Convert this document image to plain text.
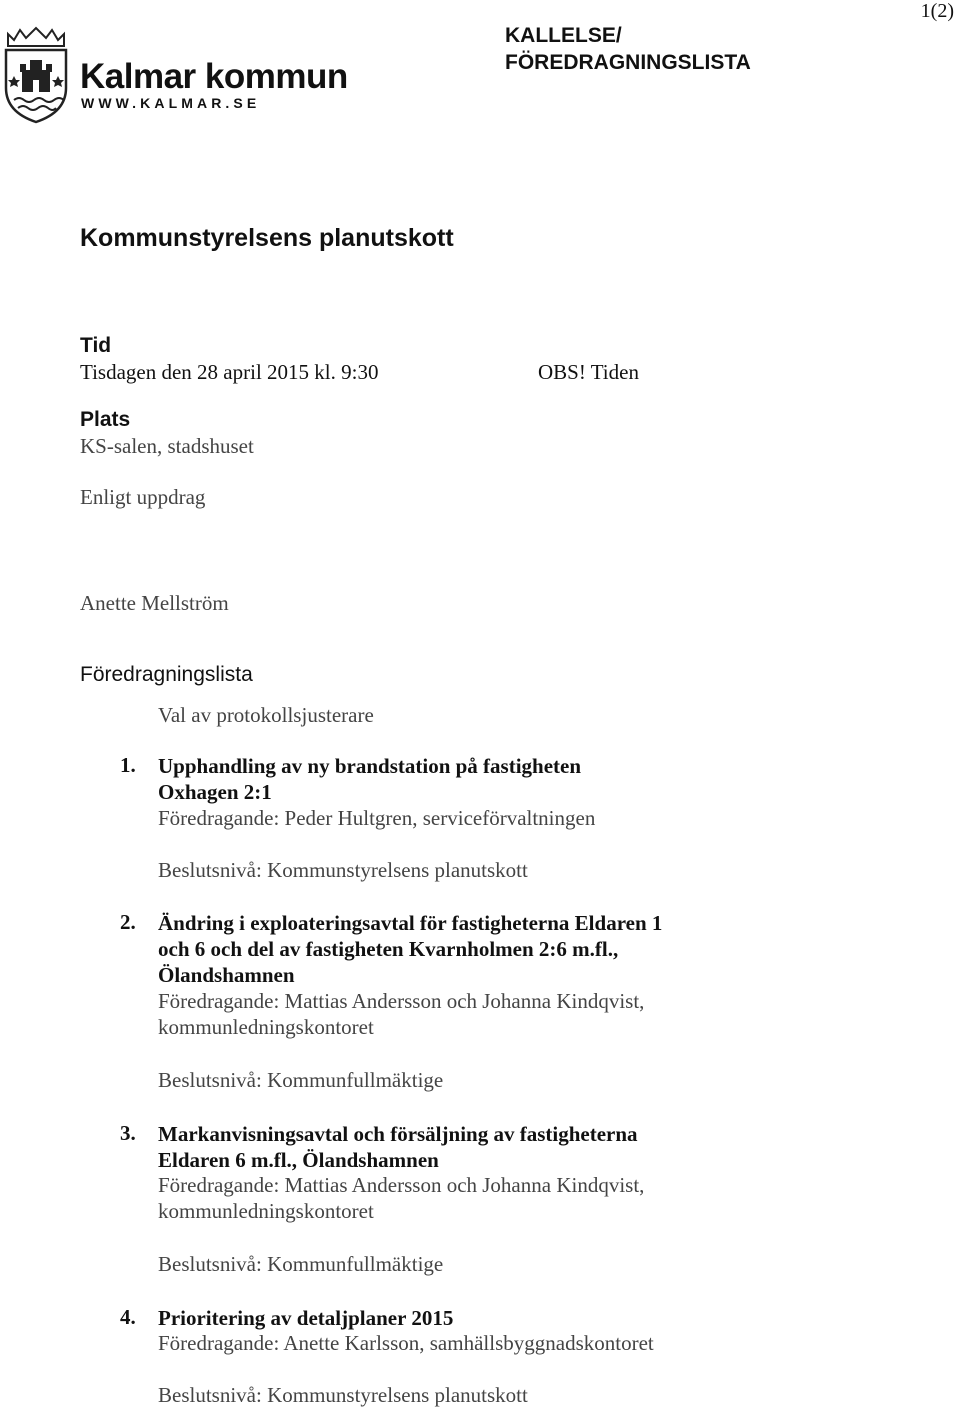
1(2)
Kalmar kommun
WWW.KALMAR.SE
KALLELSE/ FÖREDRAGNINGSLISTA
Kommunstyrelsens planutskott
Tid
Tisdagen den 28 april 2015 kl. 9:30	OBS! Tiden
Plats
KS-salen, stadshuset
Enligt uppdrag
Anette Mellström
Föredragningslista
Val av protokollsjusterare
1. Upphandling av ny brandstation på fastigheten
Oxhagen 2:1
Föredragande: Peder Hultgren, serviceförvaltningen
Beslutsnivå: Kommunstyrelsens planutskott
2. Ändring i exploateringsavtal för fastigheterna Eldaren 1
och 6 och del av fastigheten Kvarnholmen 2:6 m.fl.,
Ölandshamnen
Föredragande: Mattias Andersson och Johanna Kindqvist,
kommunledningskontoret
Beslutsnivå: Kommunfullmäktige
3. Markanvisningsavtal och försäljning av fastigheterna
Eldaren 6 m.fl., Ölandshamnen
Föredragande: Mattias Andersson och Johanna Kindqvist,
kommunledningskontoret
Beslutsnivå: Kommunfullmäktige
4. Prioritering av detaljplaner 2015
Föredragande: Anette Karlsson, samhällsbyggnadskontoret
Beslutsnivå: Kommunstyrelsens planutskott
